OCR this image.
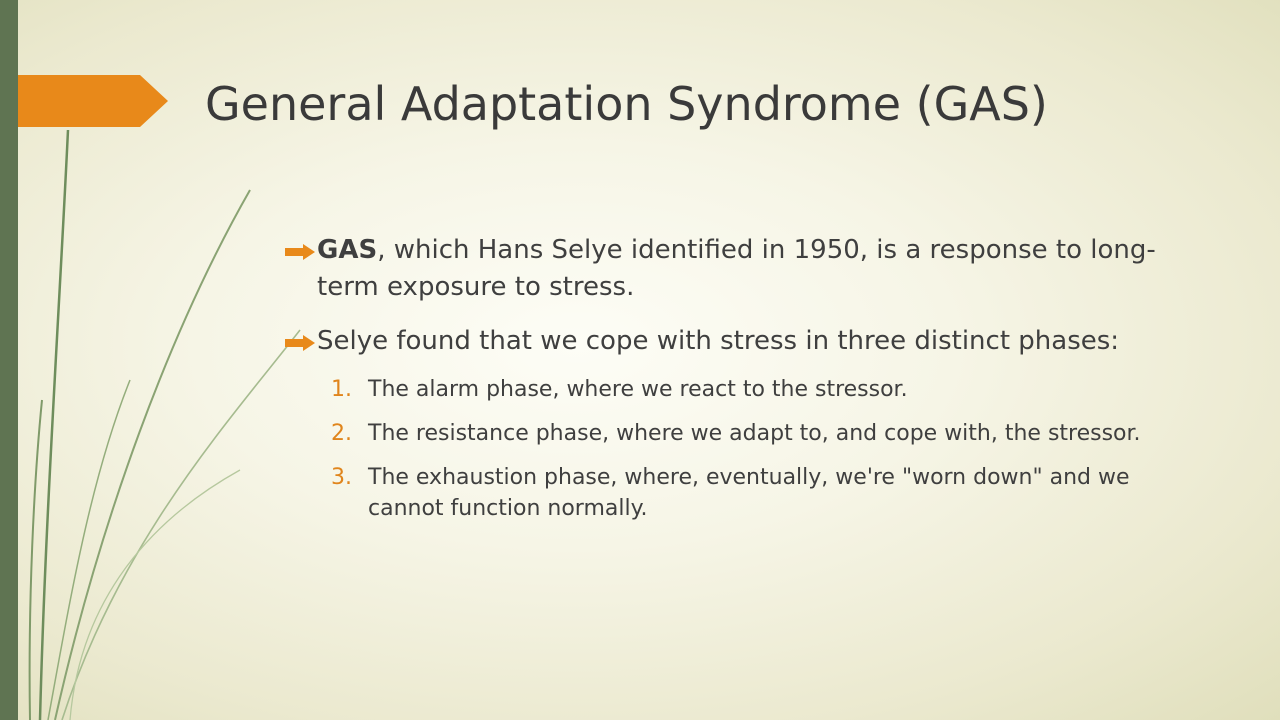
General Adaptation Syndrome (GAS)
GAS, which Hans Selye identified in 1950, is a response to long-term exposure to stress.
Selye found that we cope with stress in three distinct phases:
1. The alarm phase, where we react to the stressor.
2. The resistance phase, where we adapt to, and cope with, the stressor.
3. The exhaustion phase, where, eventually, we're "worn down" and we cannot function normally.
